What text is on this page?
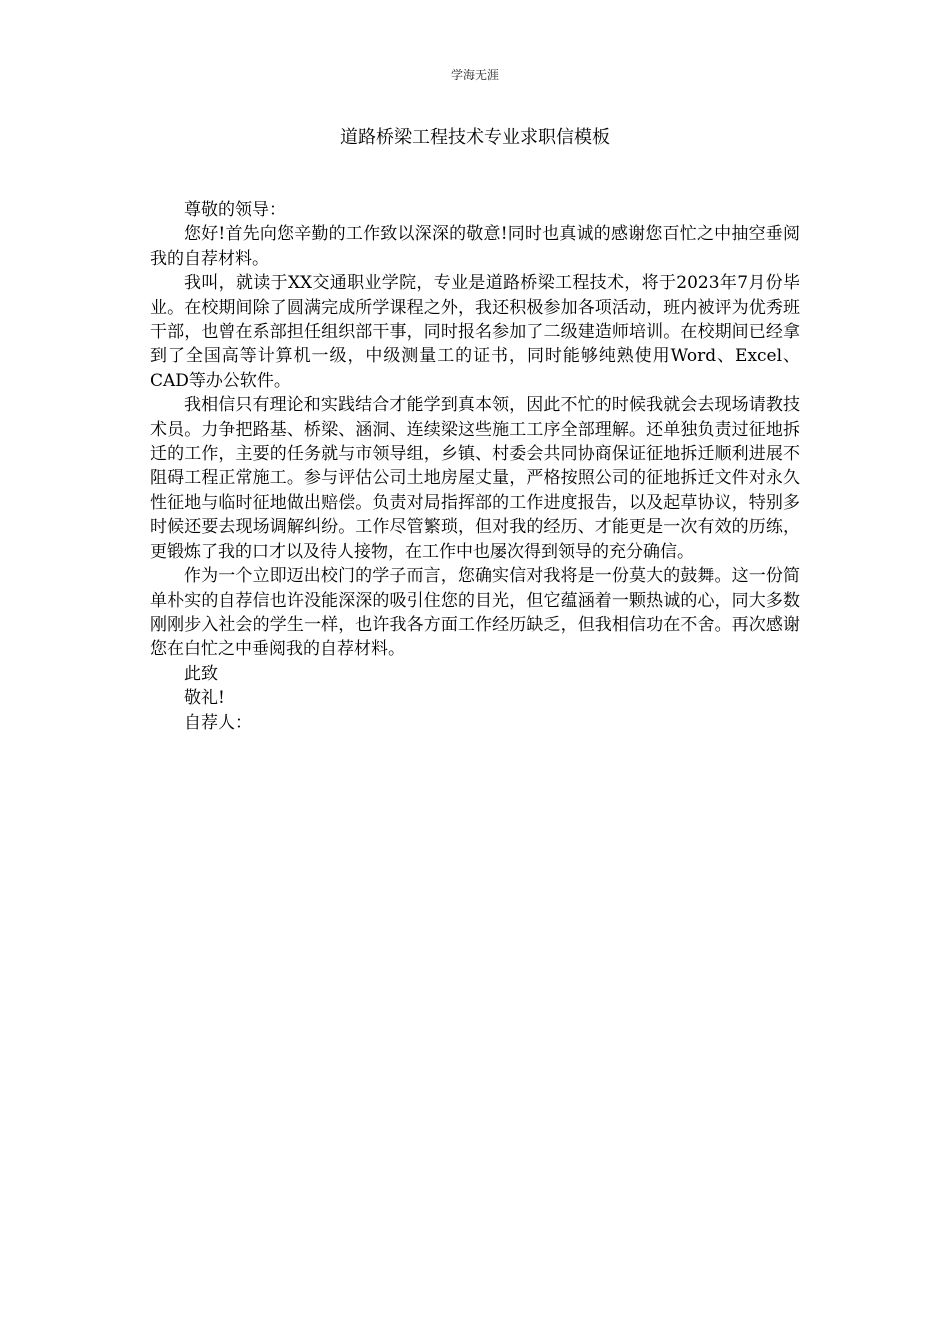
学海无涯
道路桥梁工程技术专业求职信模板

尊敬的领导：

您好!首先向您辛勤的工作致以深深的敬意!同时也真诚的感谢您百忙之中抽空垂阅我的自荐材料。

我叫，就读于XX交通职业学院，专业是道路桥梁工程技术，将于2023年7月份毕业。在校期间除了圆满完成所学课程之外，我还积极参加各项活动，班内被评为优秀班干部，也曾在系部担任组织部干事，同时报名参加了二级建造师培训。在校期间已经拿到了全国高等计算机一级，中级测量工的证书，同时能够纯熟使用Word、Excel、CAD等办公软件。

我相信只有理论和实践结合才能学到真本领，因此不忙的时候我就会去现场请教技术员。力争把路基、桥梁、涵洞、连续梁这些施工工序全部理解。还单独负责过征地拆迁的工作，主要的任务就与市领导组，乡镇、村委会共同协商保证征地拆迁顺利进展不阻碍工程正常施工。参与评估公司土地房屋丈量，严格按照公司的征地拆迁文件对永久性征地与临时征地做出赔偿。负责对局指挥部的工作进度报告，以及起草协议，特别多时候还要去现场调解纠纷。工作尽管繁琐，但对我的经历、才能更是一次有效的历练，更锻炼了我的口才以及待人接物，在工作中也屡次得到领导的充分确信。

作为一个立即迈出校门的学子而言，您确实信对我将是一份莫大的鼓舞。这一份简单朴实的自荐信也许没能深深的吸引住您的目光，但它蕴涵着一颗热诚的心，同大多数刚刚步入社会的学生一样，也许我各方面工作经历缺乏，但我相信功在不舍。再次感谢您在白忙之中垂阅我的自荐材料。

此致

敬礼!

自荐人：
